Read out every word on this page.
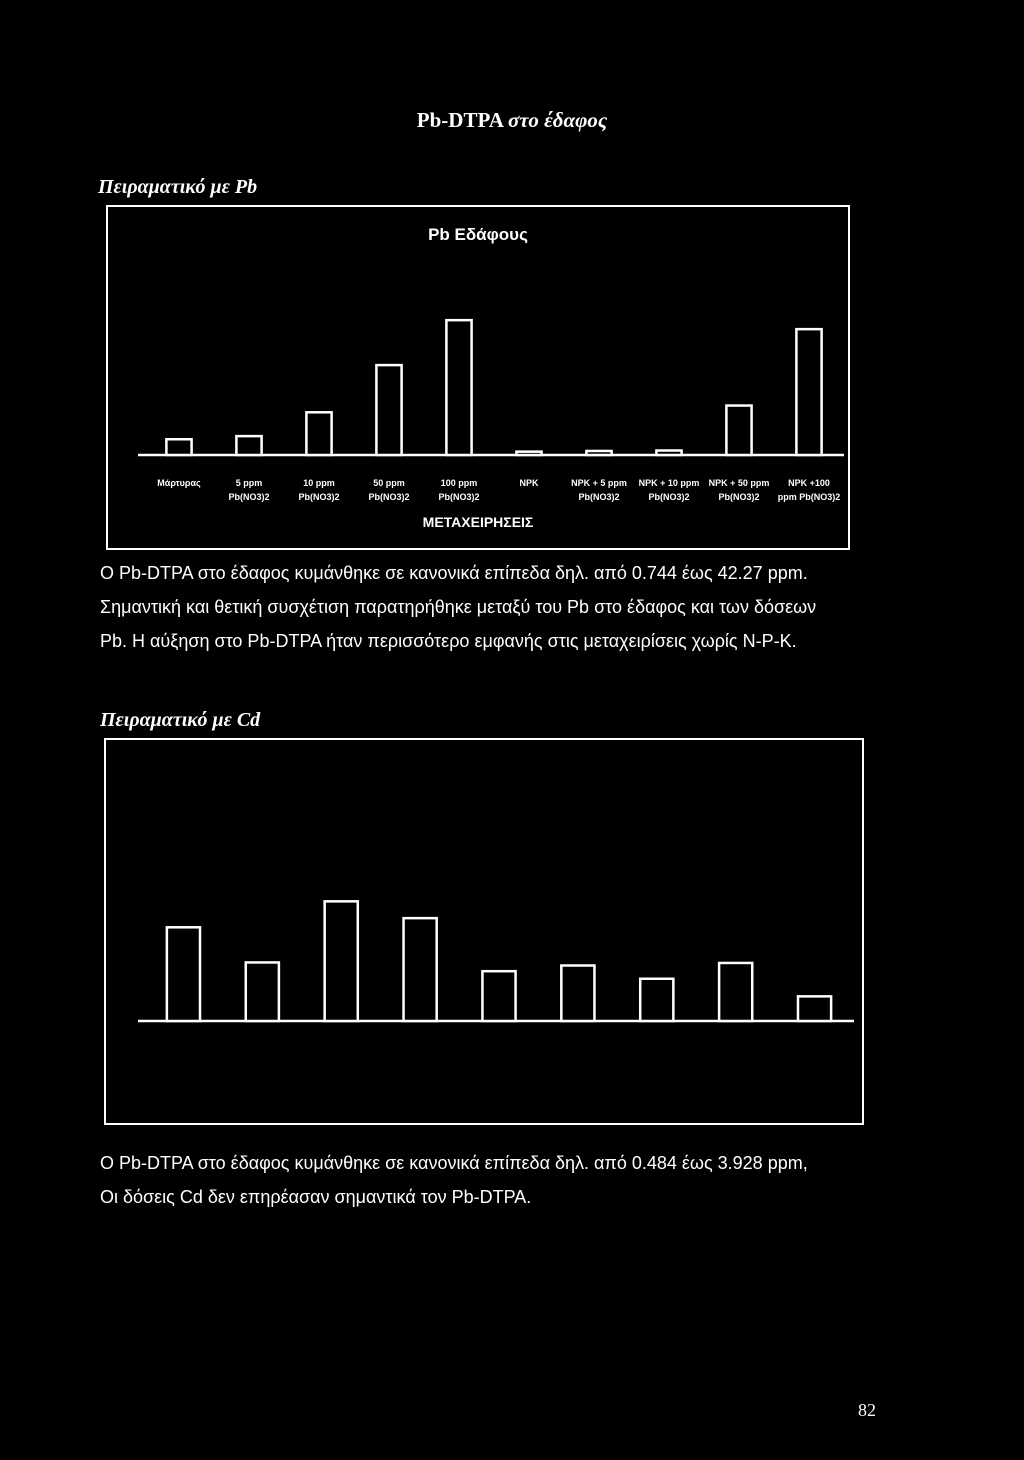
Pb-DTPA στο έδαφος
Πειραματικό με Pb
Pb Εδάφους
Μάρτυρας	5 ppm
Pb(NO3)2
10 ppm
Pb(NO3)2
50 ppm
Pb(NO3)2
100 ppm
Pb(NO3)2
NPK	NPK + 5 ppm
Pb(NO3)2
NPK + 10 ppm
Pb(NO3)2
NPK + 50 ppm
Pb(NO3)2
NPK +100
ppm Pb(NO3)2
ΜΕΤΑΧΕΙΡΗΣΕΙΣ
Ο Pb-DTPA στο έδαφος κυμάνθηκε σε κανονικά επίπεδα δηλ. από 0.744 έως 42.27 ppm.
Σημαντική και θετική συσχέτιση παρατηρήθηκε μεταξύ του Pb στο έδαφος και των δόσεων
Pb. Η αύξηση στο Pb-DTPA ήταν περισσότερο εμφανής στις μεταχειρίσεις χωρίς N-P-K.
Πειραματικό με Cd
Ο Pb-DTPA στο έδαφος κυμάνθηκε σε κανονικά επίπεδα δηλ. από 0.484 έως 3.928 ppm,
Οι δόσεις Cd δεν επηρέασαν σημαντικά τον Pb-DTPA.
82
